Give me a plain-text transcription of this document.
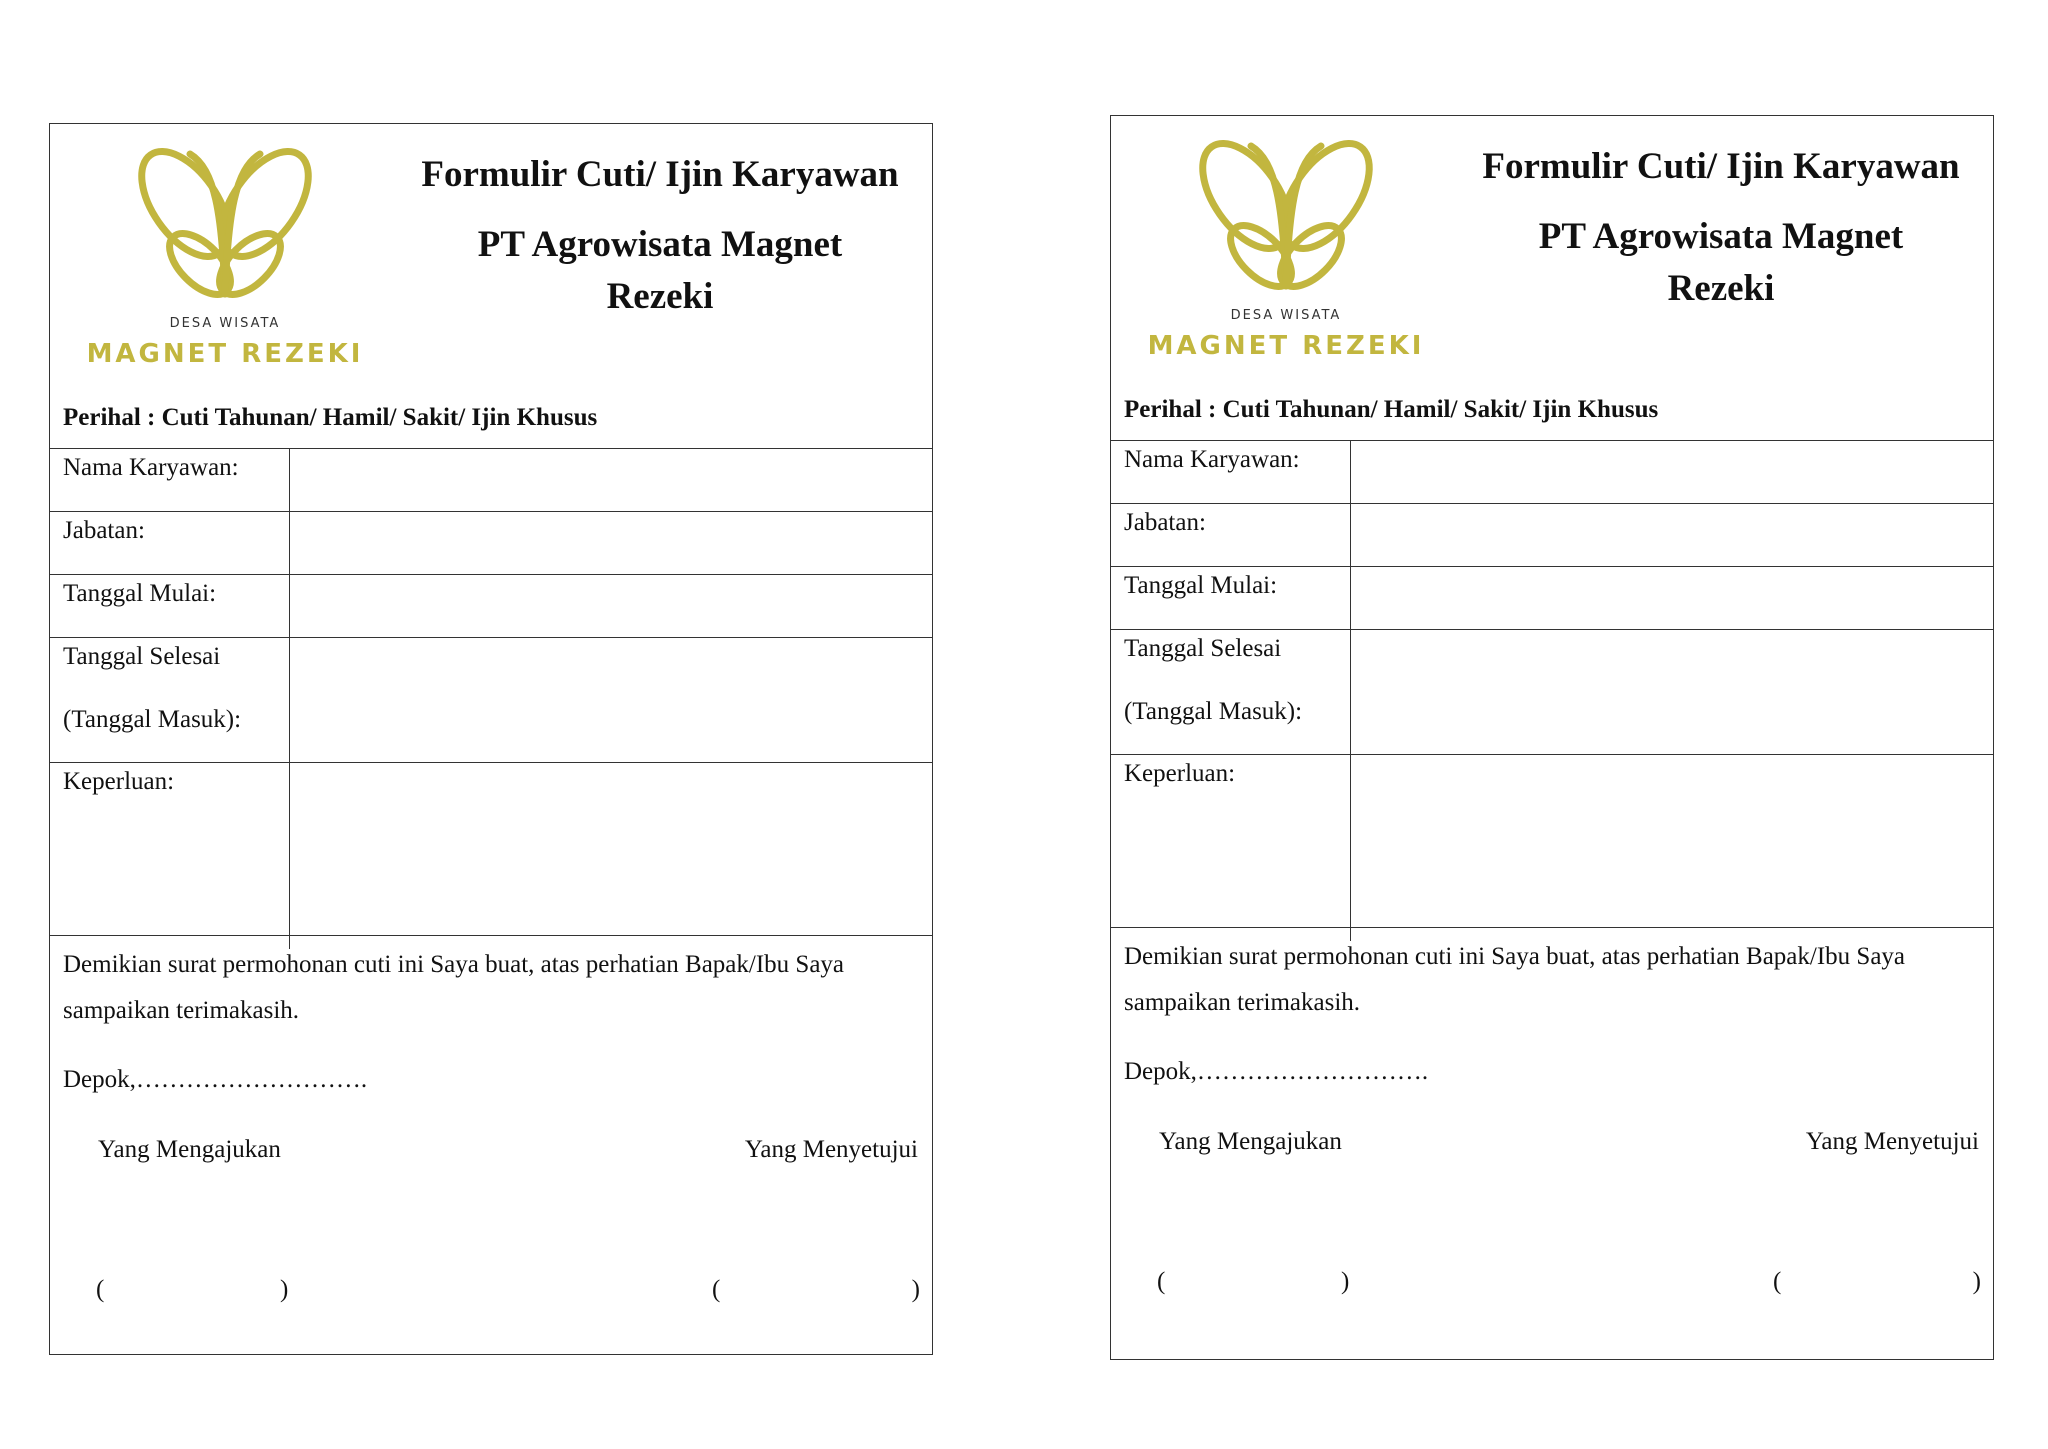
DESA WISATA
MAGNET REZEKI
Formulir Cuti/ Ijin Karyawan
PT Agrowisata Magnet Rezeki
Perihal : Cuti Tahunan/ Hamil/ Sakit/ Ijin Khusus
Nama Karyawan:
Jabatan:
Tanggal Mulai:
Tanggal Selesai
(Tanggal Masuk):
Keperluan:
Demikian surat permohonan cuti ini Saya buat, atas perhatian Bapak/Ibu Saya sampaikan terimakasih.
Depok,……………………….
Yang Mengajukan	Yang Menyetujui
(	)	(	)
DESA WISATA
MAGNET REZEKI
Formulir Cuti/ Ijin Karyawan
PT Agrowisata Magnet Rezeki
Perihal : Cuti Tahunan/ Hamil/ Sakit/ Ijin Khusus
Nama Karyawan:
Jabatan:
Tanggal Mulai:
Tanggal Selesai
(Tanggal Masuk):
Keperluan:
Demikian surat permohonan cuti ini Saya buat, atas perhatian Bapak/Ibu Saya sampaikan terimakasih.
Depok,……………………….
Yang Mengajukan	Yang Menyetujui
(	)	(	)
